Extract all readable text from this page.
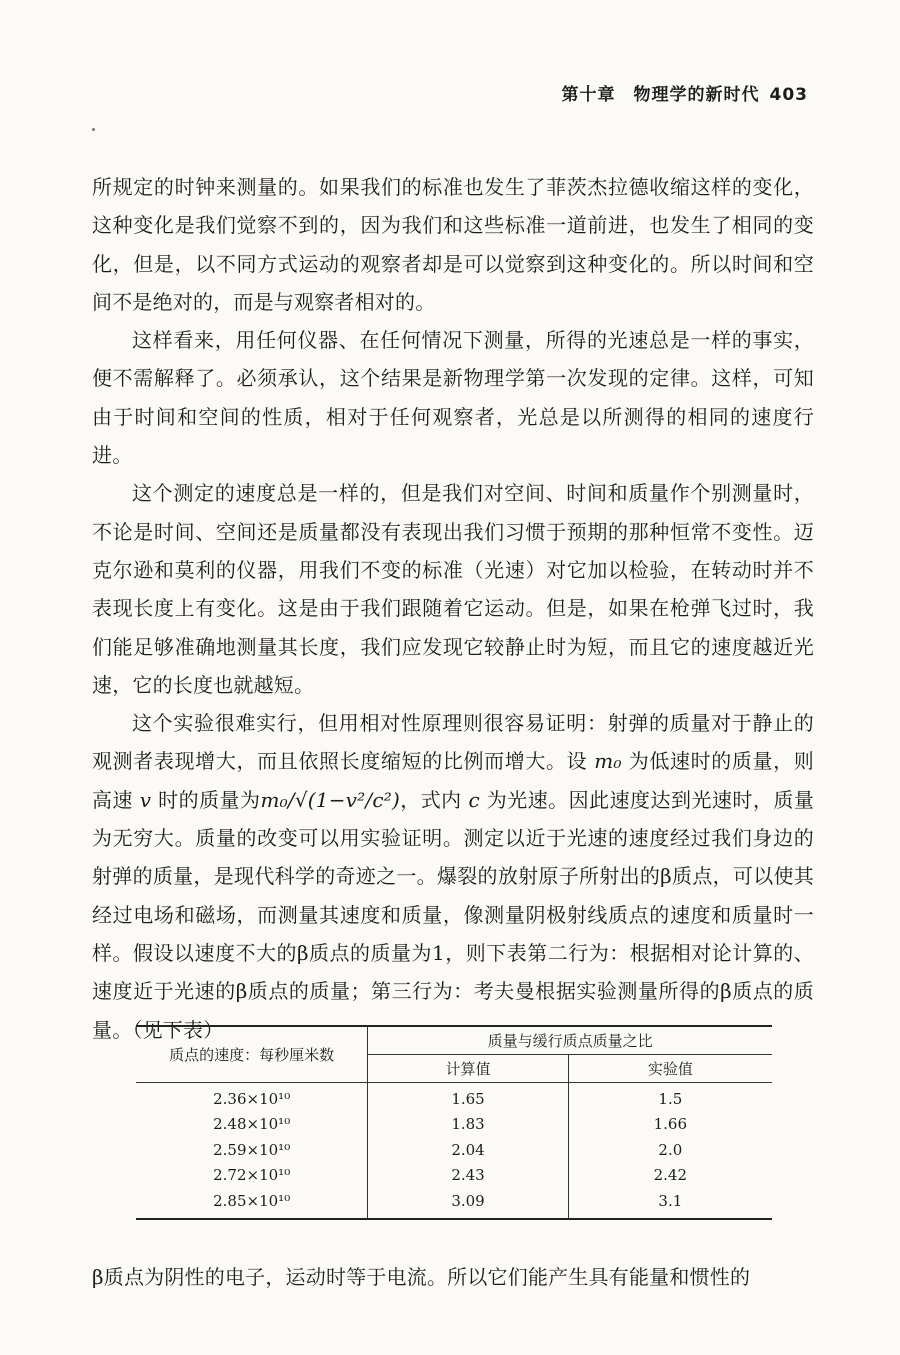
第十章 物理学的新时代 403

所规定的时钟来测量的。如果我们的标准也发生了菲茨杰拉德收缩这样的变化，这种变化是我们觉察不到的，因为我们和这些标准一道前进，也发生了相同的变化，但是，以不同方式运动的观察者却是可以觉察到这种变化的。所以时间和空间不是绝对的，而是与观察者相对的。

这样看来，用任何仪器、在任何情况下测量，所得的光速总是一样的事实，便不需解释了。必须承认，这个结果是新物理学第一次发现的定律。这样，可知由于时间和空间的性质，相对于任何观察者，光总是以所测得的相同的速度行进。

这个测定的速度总是一样的，但是我们对空间、时间和质量作个别测量时，不论是时间、空间还是质量都没有表现出我们习惯于预期的那种恒常不变性。迈克尔逊和莫利的仪器，用我们不变的标准（光速）对它加以检验，在转动时并不表现长度上有变化。这是由于我们跟随着它运动。但是，如果在枪弹飞过时，我们能足够准确地测量其长度，我们应发现它较静止时为短，而且它的速度越近光速，它的长度也就越短。

这个实验很难实行，但用相对性原理则很容易证明：射弹的质量对于静止的观测者表现增大，而且依照长度缩短的比例而增大。设 m₀ 为低速时的质量，则高速 v 时的质量为m₀/√(1−v²/c²)，式内 c 为光速。因此速度达到光速时，质量为无穷大。质量的改变可以用实验证明。测定以近于光速的速度经过我们身边的射弹的质量，是现代科学的奇迹之一。爆裂的放射原子所射出的β质点，可以使其经过电场和磁场，而测量其速度和质量，像测量阴极射线质点的速度和质量时一样。假设以速度不大的β质点的质量为1，则下表第二行为：根据相对论计算的、速度近于光速的β质点的质量；第三行为：考夫曼根据实验测量所得的β质点的质量。（见下表）

质点的速度：每秒厘米数	质量与缓行质点质量之比	
	计算值	实验值
2.36×10¹⁰	1.65	1.5
2.48×10¹⁰	1.83	1.66
2.59×10¹⁰	2.04	2.0
2.72×10¹⁰	2.43	2.42
2.85×10¹⁰	3.09	3.1

β质点为阴性的电子，运动时等于电流。所以它们能产生具有能量和惯性的
